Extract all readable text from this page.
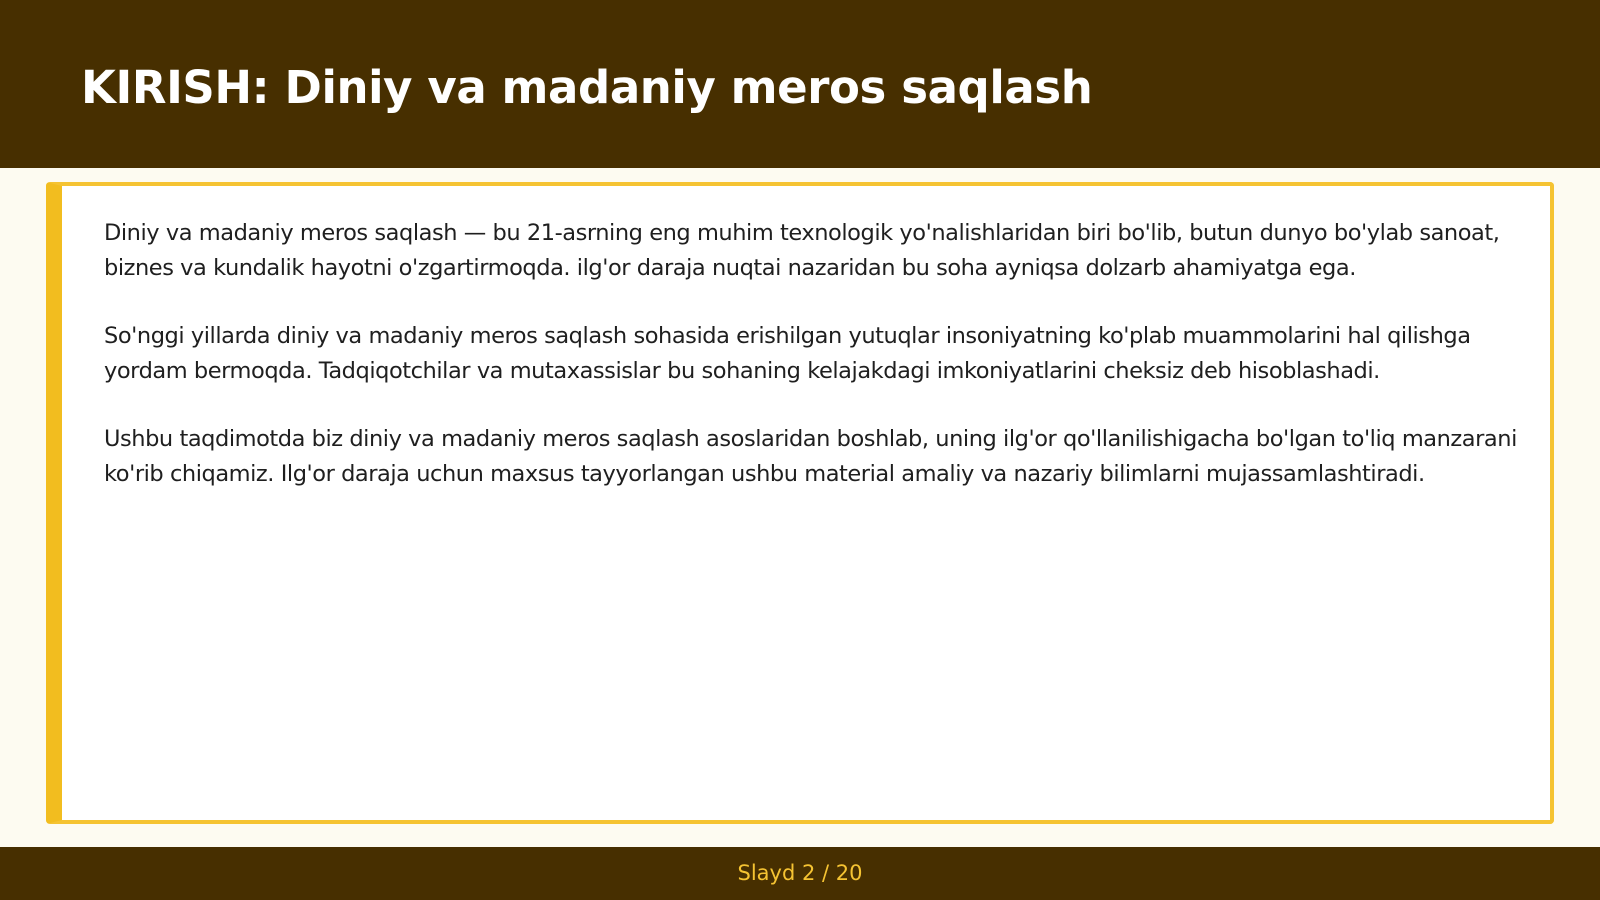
KIRISH: Diniy va madaniy meros saqlash

Diniy va madaniy meros saqlash — bu 21-asrning eng muhim texnologik yo'nalishlaridan biri bo'lib, butun dunyo bo'ylab sanoat, biznes va kundalik hayotni o'zgartirmoqda. ilg'or daraja nuqtai nazaridan bu soha ayniqsa dolzarb ahamiyatga ega.

So'nggi yillarda diniy va madaniy meros saqlash sohasida erishilgan yutuqlar insoniyatning ko'plab muammolarini hal qilishga yordam bermoqda. Tadqiqotchilar va mutaxassislar bu sohaning kelajakdagi imkoniyatlarini cheksiz deb hisoblashadi.

Ushbu taqdimotda biz diniy va madaniy meros saqlash asoslaridan boshlab, uning ilg'or qo'llanilishigacha bo'lgan to'liq manzarani ko'rib chiqamiz. Ilg'or daraja uchun maxsus tayyorlangan ushbu material amaliy va nazariy bilimlarni mujassamlashtiradi.

Slayd 2 / 20
